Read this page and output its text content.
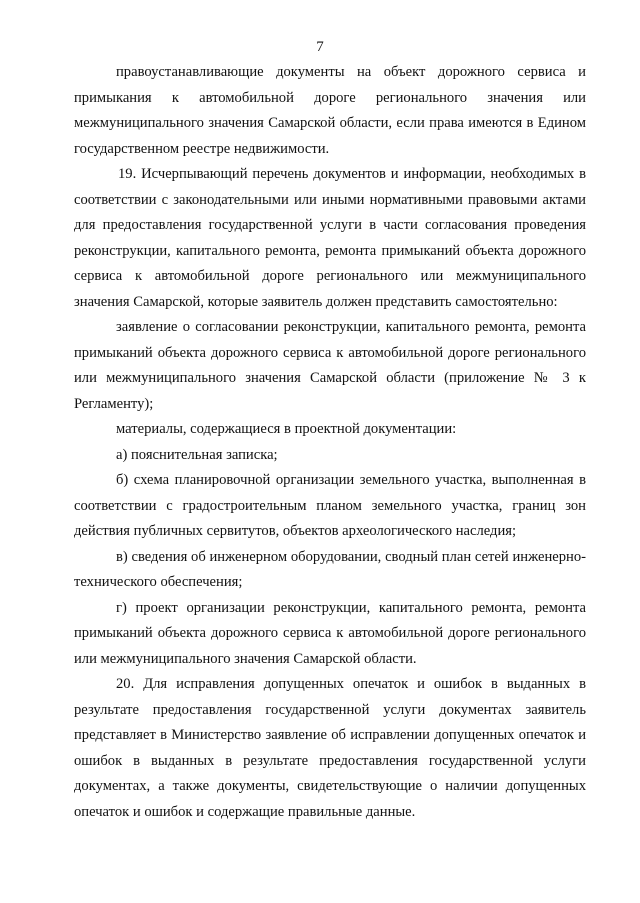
7

правоустанавливающие документы на объект дорожного сервиса и примыкания к автомобильной дороге регионального значения или межмуниципального значения Самарской области, если права имеются в Едином государственном реестре недвижимости.

19. Исчерпывающий перечень документов и информации, необходимых в соответствии с законодательными или иными нормативными правовыми актами для предоставления государственной услуги в части согласования проведения реконструкции, капитального ремонта, ремонта примыканий объекта дорожного сервиса к автомобильной дороге регионального или межмуниципального значения Самарской, которые заявитель должен представить самостоятельно:

заявление о согласовании реконструкции, капитального ремонта, ремонта примыканий объекта дорожного сервиса к автомобильной дороге регионального или межмуниципального значения Самарской области (приложение № 3 к Регламенту);

материалы, содержащиеся в проектной документации:

а) пояснительная записка;

б) схема планировочной организации земельного участка, выполненная в соответствии с градостроительным планом земельного участка, границ зон действия публичных сервитутов, объектов археологического наследия;

в) сведения об инженерном оборудовании, сводный план сетей инженерно-технического обеспечения;

г) проект организации реконструкции, капитального ремонта, ремонта примыканий объекта дорожного сервиса к автомобильной дороге регионального или межмуниципального значения Самарской области.

20. Для исправления допущенных опечаток и ошибок в выданных в результате предоставления государственной услуги документах заявитель представляет в Министерство заявление об исправлении допущенных опечаток и ошибок в выданных в результате предоставления государственной услуги документах, а также документы, свидетельствующие о наличии допущенных опечаток и ошибок и содержащие правильные данные.
